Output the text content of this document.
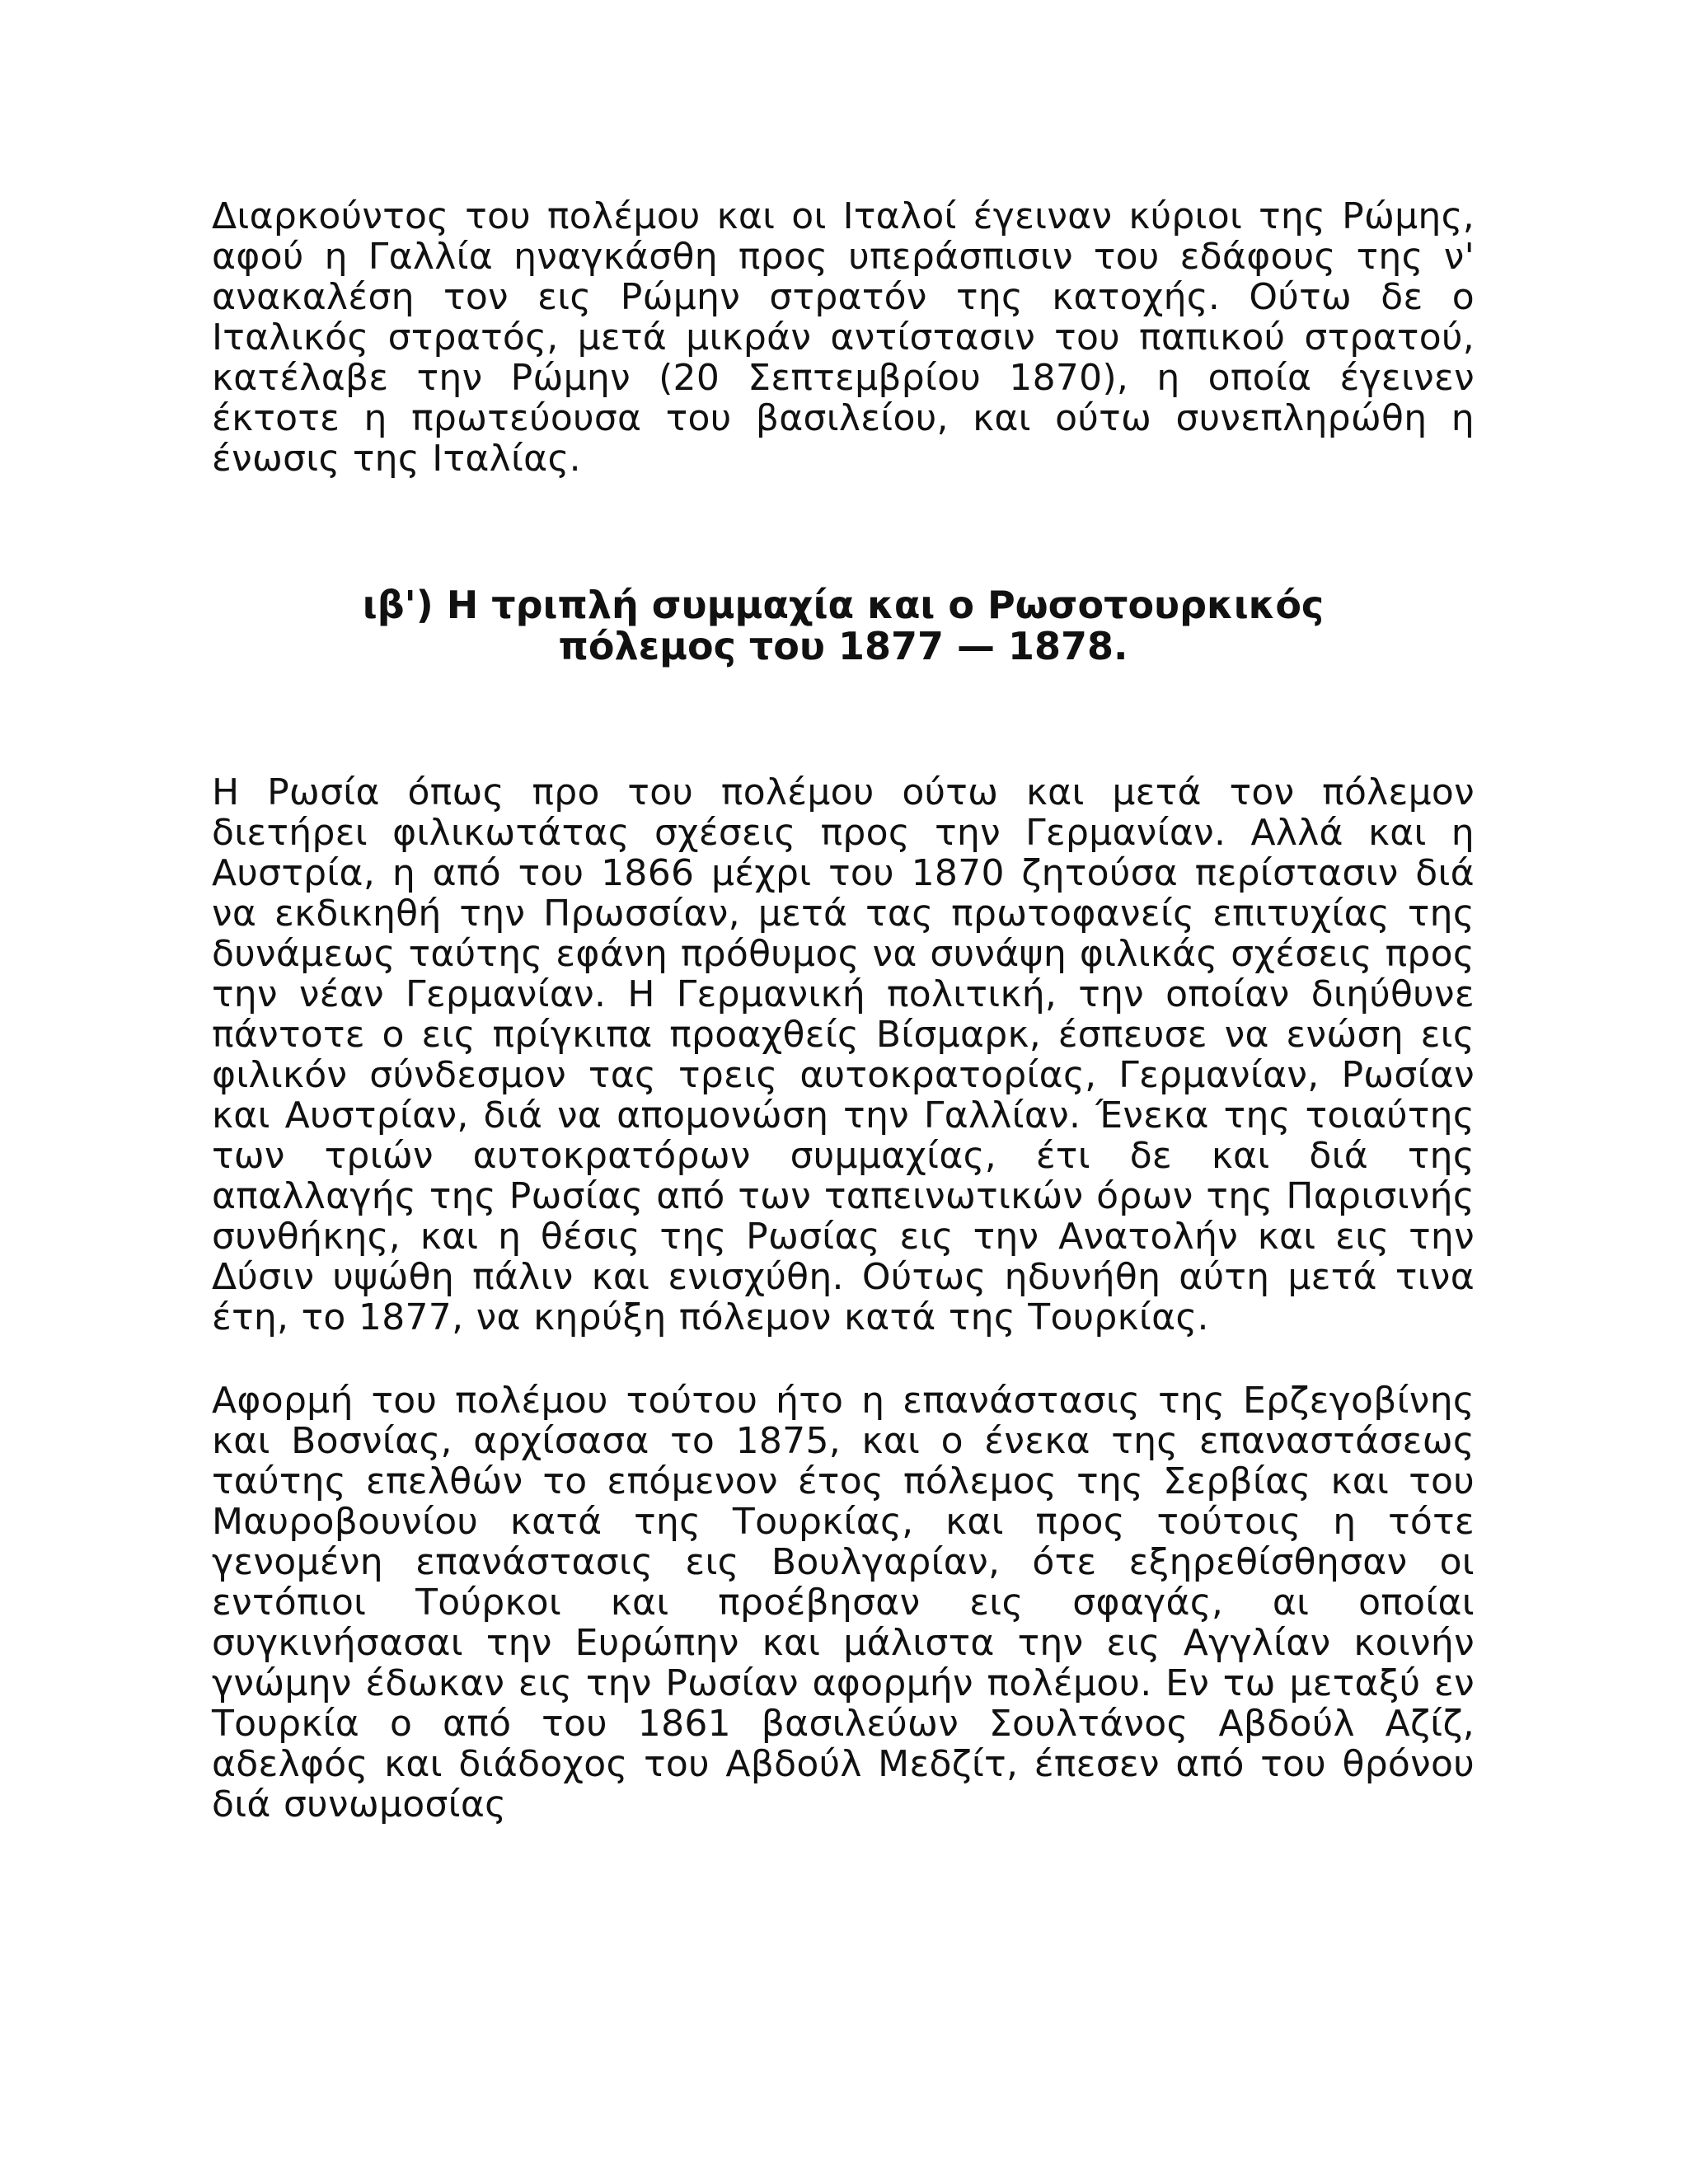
Διαρκούντος του πολέμου και οι Ιταλοί έγειναν κύριοι της Ρώμης, αφού η Γαλλία ηναγκάσθη προς υπεράσπισιν του εδάφους της ν' ανακαλέση τον εις Ρώμην στρατόν της κατοχής. Ούτω δε ο Ιταλικός στρατός, μετά μικράν αντίστασιν του παπικού στρατού, κατέλαβε την Ρώμην (20 Σεπτεμβρίου 1870), η οποία έγεινεν έκτοτε η πρωτεύουσα του βασιλείου, και ούτω συνεπληρώθη η ένωσις της Ιταλίας.

ιβ') Η τριπλή συμμαχία και ο Ρωσοτουρκικός
πόλεμος του 1877 — 1878.

Η Ρωσία όπως προ του πολέμου ούτω και μετά τον πόλεμον διετήρει φιλικωτάτας σχέσεις προς την Γερμανίαν. Αλλά και η Αυστρία, η από του 1866 μέχρι του 1870 ζητούσα περίστασιν διά να εκδικηθή την Πρωσσίαν, μετά τας πρωτοφανείς επιτυχίας της δυνάμεως ταύτης εφάνη πρόθυμος να συνάψη φιλικάς σχέσεις προς την νέαν Γερμανίαν. Η Γερμανική πολιτική, την οποίαν διηύθυνε πάντοτε ο εις πρίγκιπα προαχθείς Βίσμαρκ, έσπευσε να ενώση εις φιλικόν σύνδεσμον τας τρεις αυτοκρατορίας, Γερμανίαν, Ρωσίαν και Αυστρίαν, διά να απομονώση την Γαλλίαν. Ένεκα της τοιαύτης των τριών αυτοκρατόρων συμμαχίας, έτι δε και διά της απαλλαγής της Ρωσίας από των ταπεινωτικών όρων της Παρισινής συνθήκης, και η θέσις της Ρωσίας εις την Ανατολήν και εις την Δύσιν υψώθη πάλιν και ενισχύθη. Ούτως ηδυνήθη αύτη μετά τινα έτη, το 1877, να κηρύξη πόλεμον κατά της Τουρκίας.

Αφορμή του πολέμου τούτου ήτο η επανάστασις της Ερζεγοβίνης και Βοσνίας, αρχίσασα το 1875, και ο ένεκα της επαναστάσεως ταύτης επελθών το επόμενον έτος πόλεμος της Σερβίας και του Μαυροβουνίου κατά της Τουρκίας, και προς τούτοις η τότε γενομένη επανάστασις εις Βουλγαρίαν, ότε εξηρεθίσθησαν οι εντόπιοι Τούρκοι και προέβησαν εις σφαγάς, αι οποίαι συγκινήσασαι την Ευρώπην και μάλιστα την εις Αγγλίαν κοινήν γνώμην έδωκαν εις την Ρωσίαν αφορμήν πολέμου. Εν τω μεταξύ εν Τουρκία ο από του 1861 βασιλεύων Σουλτάνος Αβδούλ Αζίζ, αδελφός και διάδοχος του Αβδούλ Μεδζίτ, έπεσεν από του θρόνου διά συνωμοσίας
